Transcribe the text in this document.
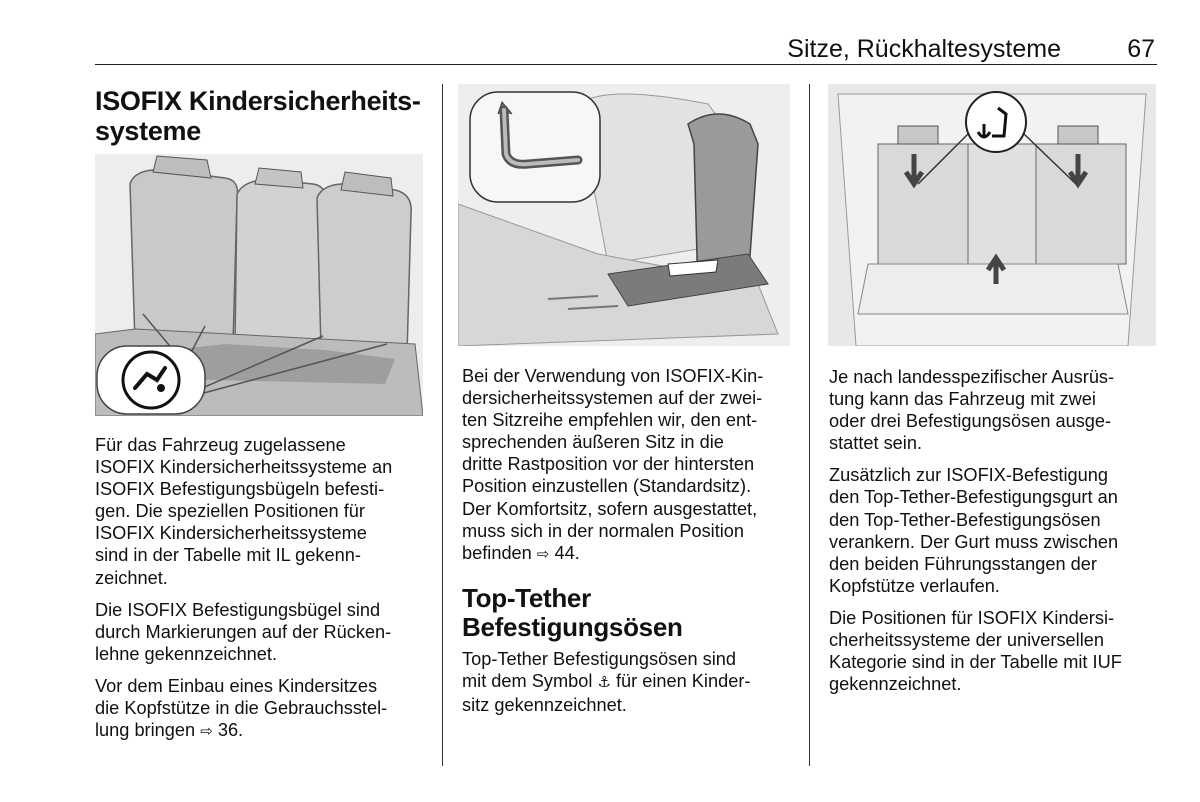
Sitze, Rückhaltesysteme	67
ISOFIX Kindersicherheits-
systeme

Für das Fahrzeug zugelassene
ISOFIX Kindersicherheitssysteme an
ISOFIX Befestigungsbügeln befesti-
gen. Die speziellen Positionen für
ISOFIX Kindersicherheitssysteme
sind in der Tabelle mit IL gekenn-
zeichnet.

Die ISOFIX Befestigungsbügel sind
durch Markierungen auf der Rücken-
lehne gekennzeichnet.

Vor dem Einbau eines Kindersitzes
die Kopfstütze in die Gebrauchsstel-
lung bringen ⇨ 36.

Bei der Verwendung von ISOFIX-Kin-
dersicherheitssystemen auf der zwei-
ten Sitzreihe empfehlen wir, den ent-
sprechenden äußeren Sitz in die
dritte Rastposition vor der hintersten
Position einzustellen (Standardsitz).
Der Komfortsitz, sofern ausgestattet,
muss sich in der normalen Position
befinden ⇨ 44.

Top-Tether
Befestigungsösen

Top-Tether Befestigungsösen sind
mit dem Symbol ⚓ für einen Kinder-
sitz gekennzeichnet.

Je nach landesspezifischer Ausrüs-
tung kann das Fahrzeug mit zwei
oder drei Befestigungsösen ausge-
stattet sein.

Zusätzlich zur ISOFIX-Befestigung
den Top-Tether-Befestigungsgurt an
den Top-Tether-Befestigungsösen
verankern. Der Gurt muss zwischen
den beiden Führungsstangen der
Kopfstütze verlaufen.

Die Positionen für ISOFIX Kindersi-
cherheitssysteme der universellen
Kategorie sind in der Tabelle mit IUF
gekennzeichnet.
